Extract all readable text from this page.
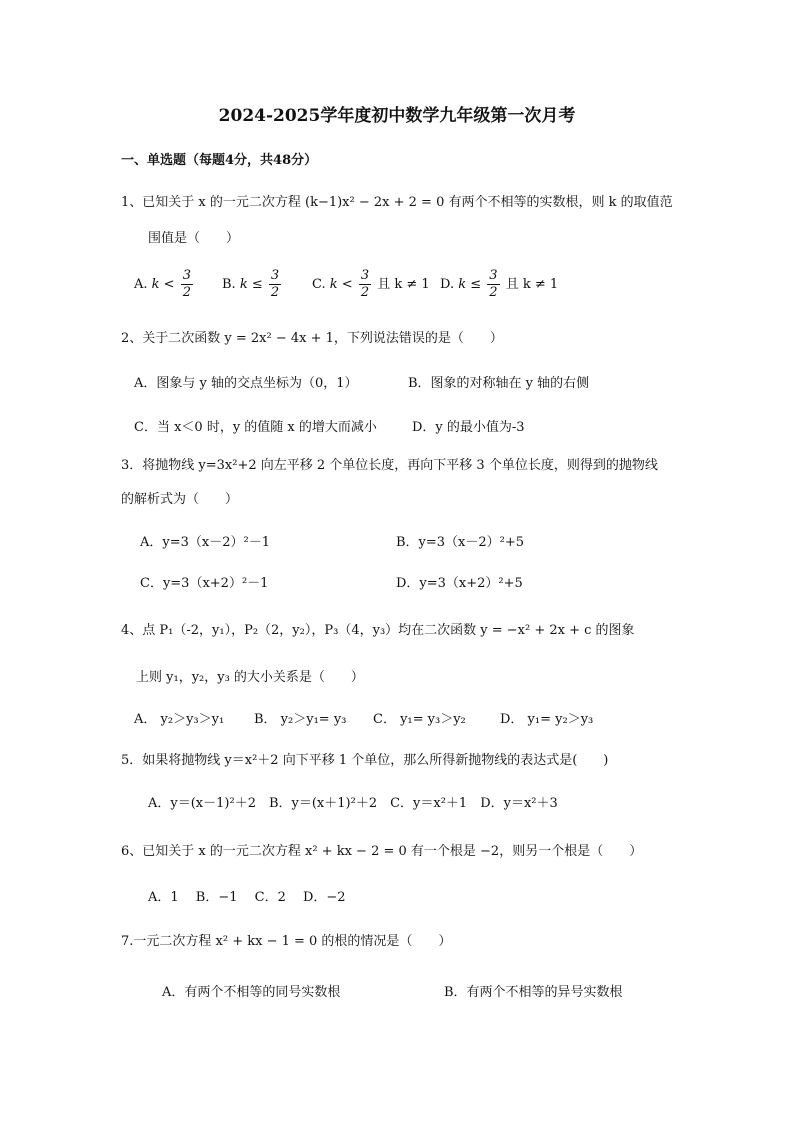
2024-2025学年度初中数学九年级第一次月考
一、单选题（每题4分，共48分）
1、已知关于 x 的一元二次方程 (k−1)x² − 2x + 2 = 0 有两个不相等的实数根，则 k 的取值范
围值是（　　）
A. $k < \frac{3}{2} B$. $k \le \frac{3}{2} C$. $k < \frac{3}{2}$ 且 k ≠ 1 D. $k \le \frac{3}{2}$ 且 k ≠ 1
2、关于二次函数 y = 2x² − 4x + 1，下列说法错误的是（　　）
A．图象与 y 轴的交点坐标为（0，1）	B．图象的对称轴在 y 轴的右侧
C．当 x＜0 时，y 的值随 x 的增大而减小	D．y 的最小值为-3
3．将抛物线 y=3x²+2 向左平移 2 个单位长度，再向下平移 3 个单位长度，则得到的抛物线
的解析式为（　　）
A．y=3（x－2）²－1	B．y=3（x－2）²+5
C．y=3（x+2）²－1	D．y=3（x+2）²+5
4、点 P₁（-2，y₁），P₂（2，y₂），P₃（4，y₃）均在二次函数 y = −x² + 2x + c 的图象
上则 y₁，y₂，y₃ 的大小关系是（　　）
A． y₂＞y₃＞y₁ B． y₂＞y₁= y₃ C． y₁= y₃＞y₂	D． y₁= y₂＞y₃
5．如果将抛物线 y＝x²＋2 向下平移 1 个单位，那么所得新抛物线的表达式是(　　)
A．y＝(x－1)²＋2　B．y＝(x＋1)²＋2　C．y＝x²＋1　D．y＝x²＋3
6、已知关于 x 的一元二次方程 x² + kx − 2 = 0 有一个根是 −2，则另一个根是（　　）
A．1　 B．−1　 C．2　 D．−2
7.一元二次方程 x² + kx − 1 = 0 的根的情况是（　　）
A．有两个不相等的同号实数根	B．有两个不相等的异号实数根
